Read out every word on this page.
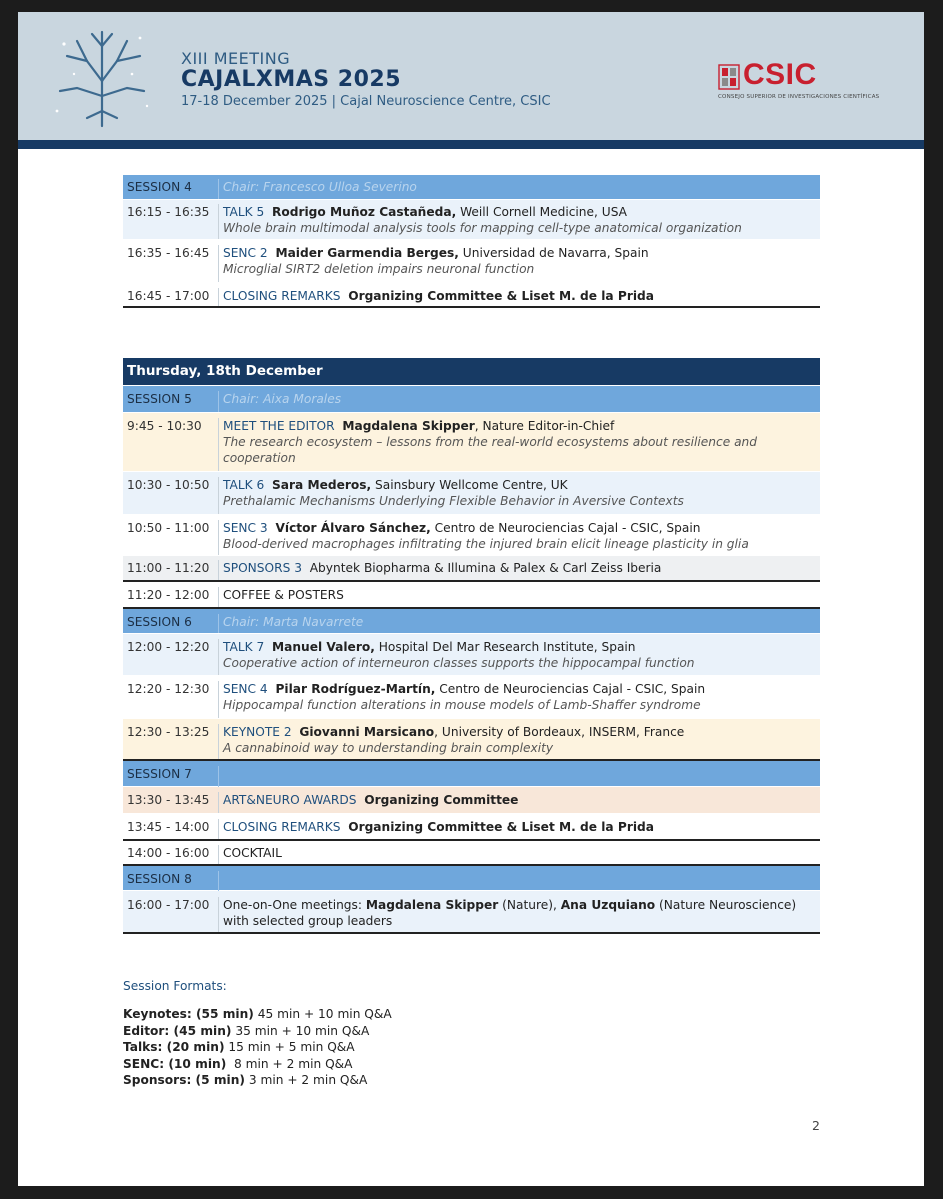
XIII MEETING
CAJALXMAS 2025
17-18 December 2025 | Cajal Neuroscience Centre, CSIC
CSIC
CONSEJO SUPERIOR DE INVESTIGACIONES CIENTÍFICAS
SESSION 4	Chair: Francesco Ulloa Severino
16:15 - 16:35	TALK 5 Rodrigo Muñoz Castañeda, Weill Cornell Medicine, USA
Whole brain multimodal analysis tools for mapping cell-type anatomical organization
16:35 - 16:45	SENC 2 Maider Garmendia Berges, Universidad de Navarra, Spain
Microglial SIRT2 deletion impairs neuronal function
16:45 - 17:00	CLOSING REMARKS Organizing Committee & Liset M. de la Prida
Thursday, 18th December
SESSION 5	Chair: Aixa Morales
9:45 - 10:30	MEET THE EDITOR Magdalena Skipper, Nature Editor-in-Chief
The research ecosystem – lessons from the real-world ecosystems about resilience and cooperation
10:30 - 10:50	TALK 6 Sara Mederos, Sainsbury Wellcome Centre, UK
Prethalamic Mechanisms Underlying Flexible Behavior in Aversive Contexts
10:50 - 11:00	SENC 3 Víctor Álvaro Sánchez, Centro de Neurociencias Cajal - CSIC, Spain
Blood-derived macrophages infiltrating the injured brain elicit lineage plasticity in glia
11:00 - 11:20	SPONSORS 3 Abyntek Biopharma & Illumina & Palex & Carl Zeiss Iberia
11:20 - 12:00	COFFEE & POSTERS
SESSION 6	Chair: Marta Navarrete
12:00 - 12:20	TALK 7 Manuel Valero, Hospital Del Mar Research Institute, Spain
Cooperative action of interneuron classes supports the hippocampal function
12:20 - 12:30	SENC 4 Pilar Rodríguez-Martín, Centro de Neurociencias Cajal - CSIC, Spain
Hippocampal function alterations in mouse models of Lamb-Shaffer syndrome
12:30 - 13:25	KEYNOTE 2 Giovanni Marsicano, University of Bordeaux, INSERM, France
A cannabinoid way to understanding brain complexity
SESSION 7
13:30 - 13:45	ART&NEURO AWARDS Organizing Committee
13:45 - 14:00	CLOSING REMARKS Organizing Committee & Liset M. de la Prida
14:00 - 16:00	COCKTAIL
SESSION 8
16:00 - 17:00	One-on-One meetings: Magdalena Skipper (Nature), Ana Uzquiano (Nature Neuroscience) with selected group leaders
Session Formats:
Keynotes: (55 min) 45 min + 10 min Q&A
Editor: (45 min) 35 min + 10 min Q&A
Talks: (20 min) 15 min + 5 min Q&A
SENC: (10 min)  8 min + 2 min Q&A
Sponsors: (5 min) 3 min + 2 min Q&A
2
